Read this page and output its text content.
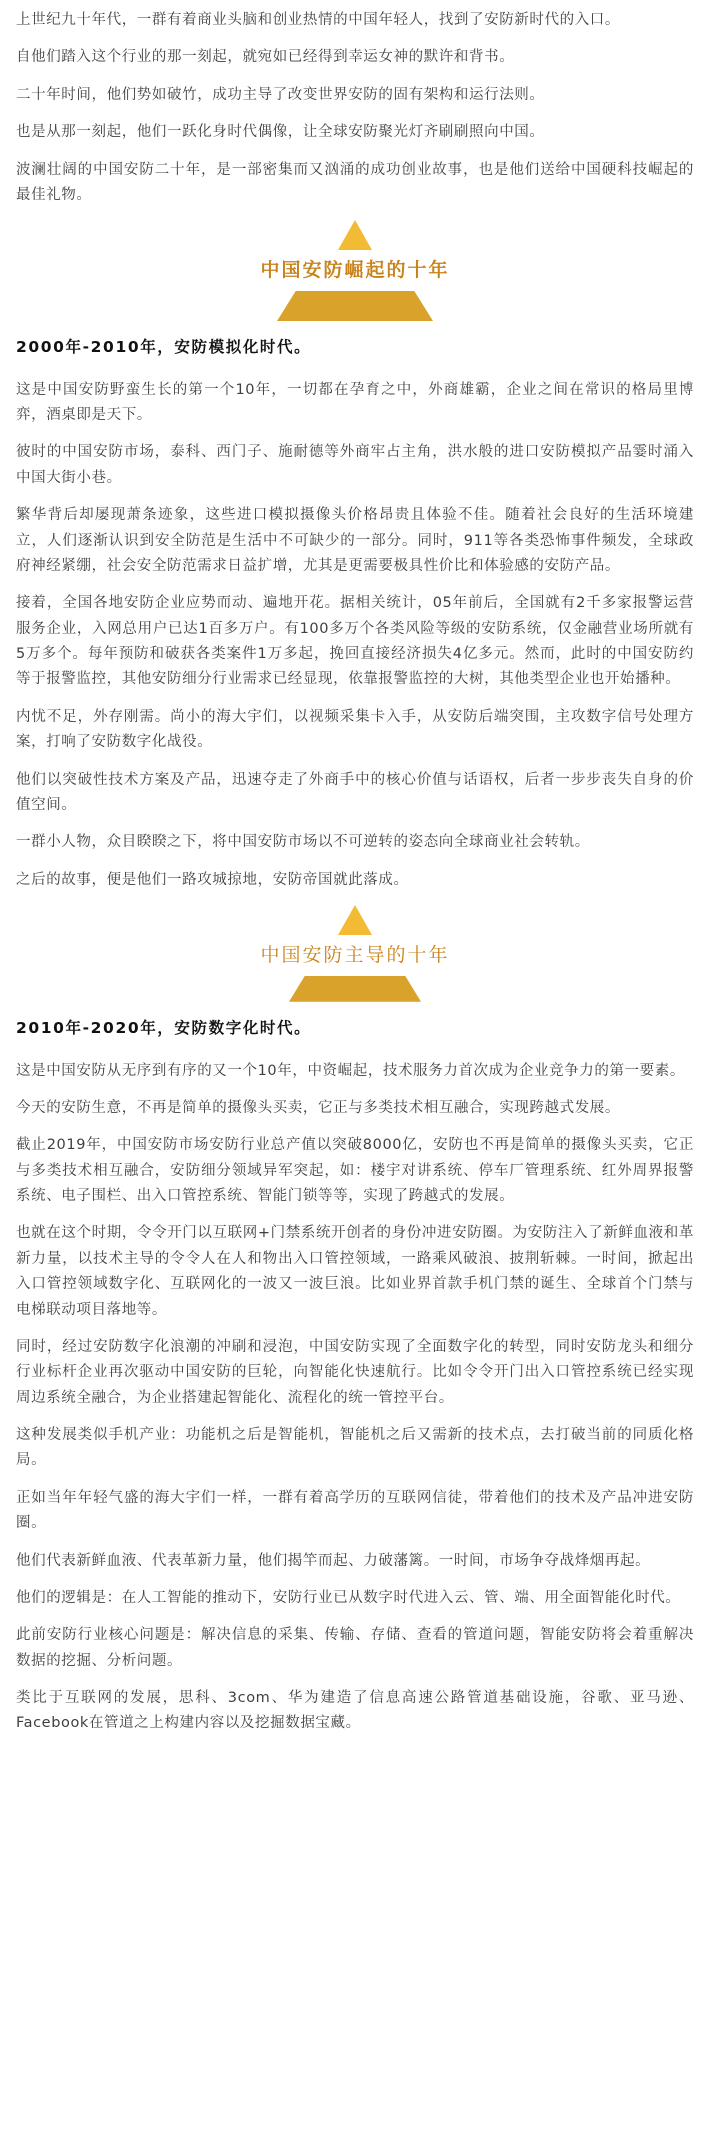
上世纪九十年代，一群有着商业头脑和创业热情的中国年轻人，找到了安防新时代的入口。

自他们踏入这个行业的那一刻起，就宛如已经得到幸运女神的默许和背书。

二十年时间，他们势如破竹，成功主导了改变世界安防的固有架构和运行法则。

也是从那一刻起，他们一跃化身时代偶像，让全球安防聚光灯齐刷刷照向中国。

波澜壮阔的中国安防二十年，是一部密集而又汹涌的成功创业故事，也是他们送给中国硬科技崛起的最佳礼物。

中国安防崛起的十年

2000年-2010年，安防模拟化时代。

这是中国安防野蛮生长的第一个10年，一切都在孕育之中，外商雄霸，企业之间在常识的格局里博弈，酒桌即是天下。

彼时的中国安防市场，泰科、西门子、施耐德等外商牢占主角，洪水般的进口安防模拟产品霎时涌入中国大街小巷。

繁华背后却屡现萧条迹象，这些进口模拟摄像头价格昂贵且体验不佳。随着社会良好的生活环境建立，人们逐渐认识到安全防范是生活中不可缺少的一部分。同时，911等各类恐怖事件频发，全球政府神经紧绷，社会安全防范需求日益扩增，尤其是更需要极具性价比和体验感的安防产品。

接着，全国各地安防企业应势而动、遍地开花。据相关统计，05年前后，全国就有2千多家报警运营服务企业，入网总用户已达1百多万户。有100多万个各类风险等级的安防系统，仅金融营业场所就有5万多个。每年预防和破获各类案件1万多起，挽回直接经济损失4亿多元。然而，此时的中国安防约等于报警监控，其他安防细分行业需求已经显现，依靠报警监控的大树，其他类型企业也开始播种。

内忧不足，外存刚需。尚小的海大宇们，以视频采集卡入手，从安防后端突围，主攻数字信号处理方案，打响了安防数字化战役。

他们以突破性技术方案及产品，迅速夺走了外商手中的核心价值与话语权，后者一步步丧失自身的价值空间。

一群小人物，众目睽睽之下，将中国安防市场以不可逆转的姿态向全球商业社会转轨。

之后的故事，便是他们一路攻城掠地，安防帝国就此落成。

中国安防主导的十年

2010年-2020年，安防数字化时代。

这是中国安防从无序到有序的又一个10年，中资崛起，技术服务力首次成为企业竞争力的第一要素。

今天的安防生意，不再是简单的摄像头买卖，它正与多类技术相互融合，实现跨越式发展。

截止2019年，中国安防市场安防行业总产值以突破8000亿，安防也不再是简单的摄像头买卖，它正与多类技术相互融合，安防细分领域异军突起，如：楼宇对讲系统、停车厂管理系统、红外周界报警系统、电子围栏、出入口管控系统、智能门锁等等，实现了跨越式的发展。

也就在这个时期，令令开门以互联网+门禁系统开创者的身份冲进安防圈。为安防注入了新鲜血液和革新力量，以技术主导的令令人在人和物出入口管控领域，一路乘风破浪、披荆斩棘。一时间，掀起出入口管控领域数字化、互联网化的一波又一波巨浪。比如业界首款手机门禁的诞生、全球首个门禁与电梯联动项目落地等。

同时，经过安防数字化浪潮的冲刷和浸泡，中国安防实现了全面数字化的转型，同时安防龙头和细分行业标杆企业再次驱动中国安防的巨轮，向智能化快速航行。比如令令开门出入口管控系统已经实现周边系统全融合，为企业搭建起智能化、流程化的统一管控平台。

这种发展类似手机产业：功能机之后是智能机，智能机之后又需新的技术点，去打破当前的同质化格局。

正如当年年轻气盛的海大宇们一样，一群有着高学历的互联网信徒，带着他们的技术及产品冲进安防圈。

他们代表新鲜血液、代表革新力量，他们揭竿而起、力破藩篱。一时间，市场争夺战烽烟再起。

他们的逻辑是：在人工智能的推动下，安防行业已从数字时代进入云、管、端、用全面智能化时代。

此前安防行业核心问题是：解决信息的采集、传输、存储、查看的管道问题，智能安防将会着重解决数据的挖掘、分析问题。

类比于互联网的发展，思科、3com、华为建造了信息高速公路管道基础设施，谷歌、亚马逊、Facebook在管道之上构建内容以及挖掘数据宝藏。
